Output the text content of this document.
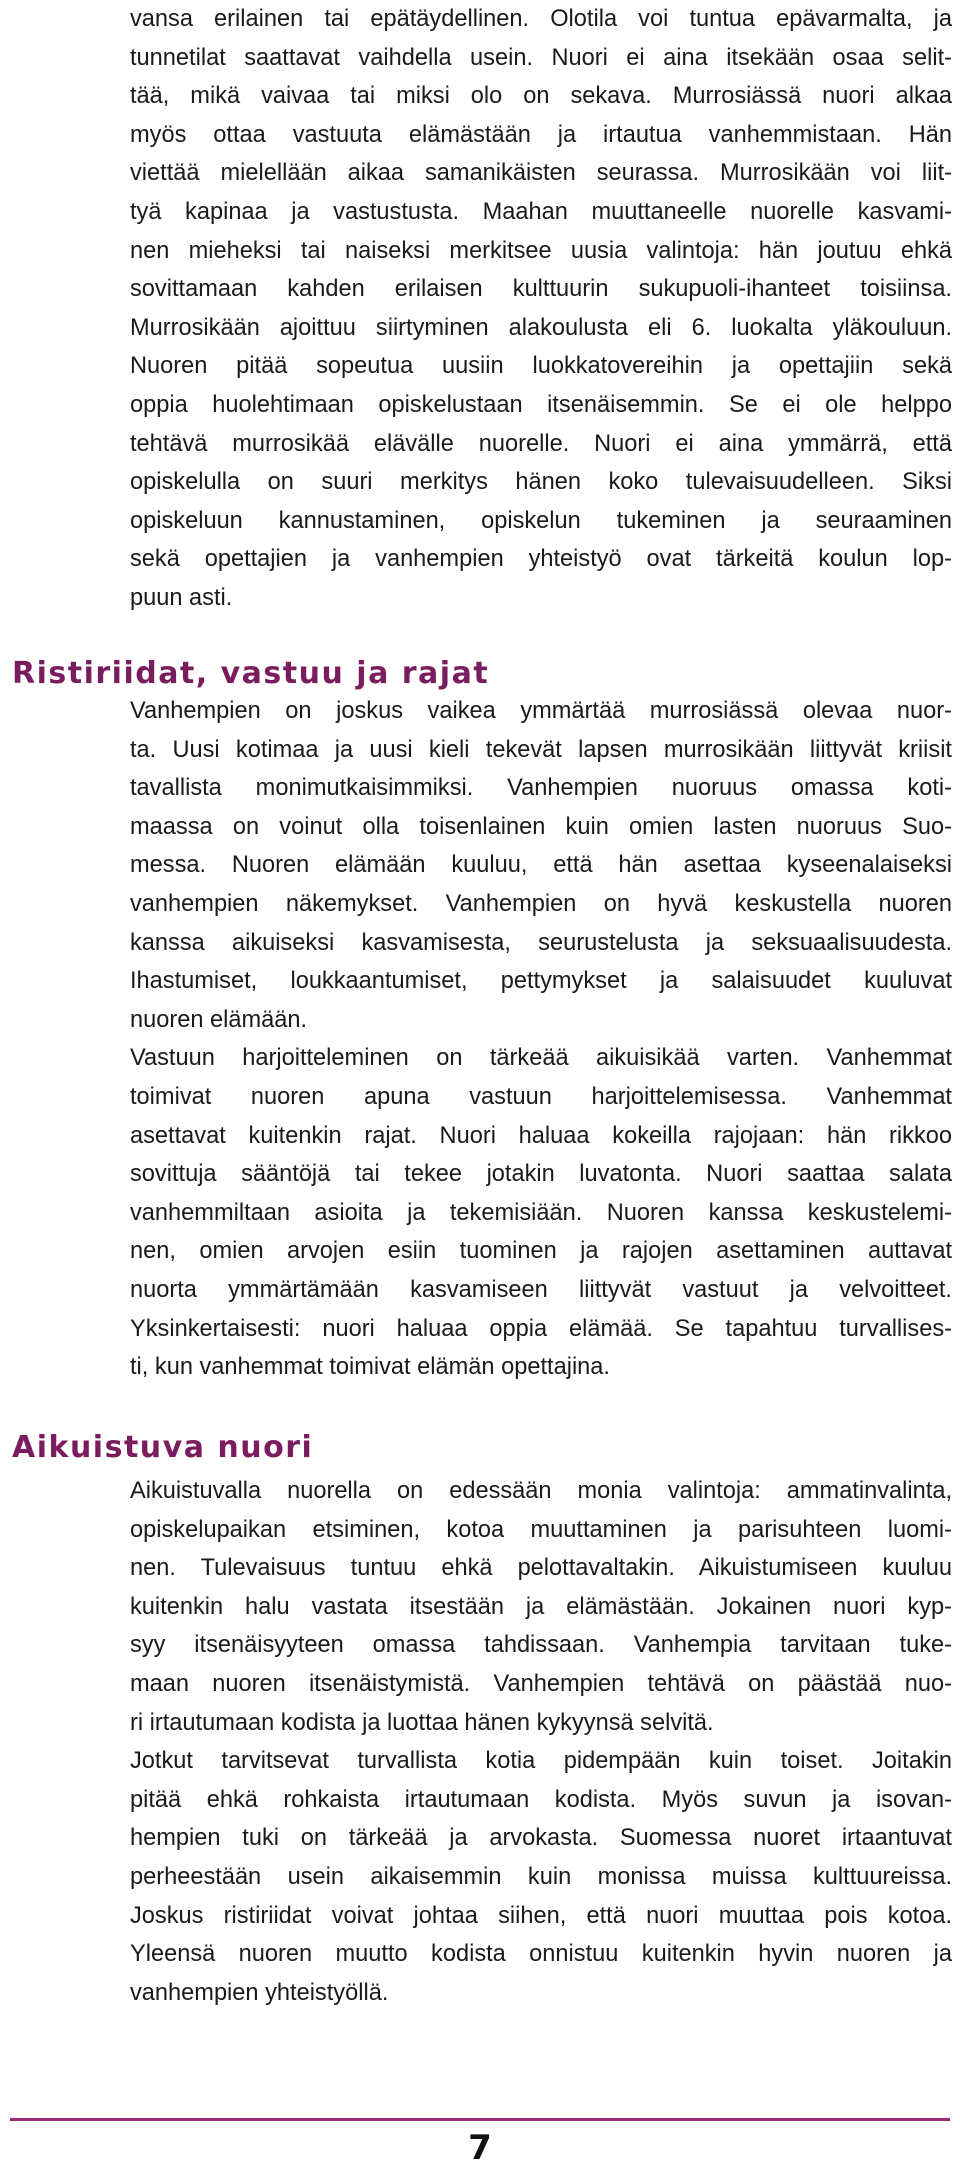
vansa erilainen tai epätäydellinen. Olotila voi tuntua epävarmalta, ja
tunnetilat saattavat vaihdella usein. Nuori ei aina itsekään osaa selit-
tää, mikä vaivaa tai miksi olo on sekava. Murrosiässä nuori alkaa
myös ottaa vastuuta elämästään ja irtautua vanhemmistaan. Hän
viettää mielellään aikaa samanikäisten seurassa. Murrosikään voi liit-
tyä kapinaa ja vastustusta. Maahan muuttaneelle nuorelle kasvami-
nen mieheksi tai naiseksi merkitsee uusia valintoja: hän joutuu ehkä
sovittamaan kahden erilaisen kulttuurin sukupuoli-ihanteet toisiinsa.
Murrosikään ajoittuu siirtyminen alakoulusta eli 6. luokalta yläkouluun.
Nuoren pitää sopeutua uusiin luokkatovereihin ja opettajiin sekä
oppia huolehtimaan opiskelustaan itsenäisemmin. Se ei ole helppo
tehtävä murrosikää elävälle nuorelle. Nuori ei aina ymmärrä, että
opiskelulla on suuri merkitys hänen koko tulevaisuudelleen. Siksi
opiskeluun kannustaminen, opiskelun tukeminen ja seuraaminen
sekä opettajien ja vanhempien yhteistyö ovat tärkeitä koulun lop-
puun asti.
Ristiriidat, vastuu ja rajat
Vanhempien on joskus vaikea ymmärtää murrosiässä olevaa nuor-
ta. Uusi kotimaa ja uusi kieli tekevät lapsen murrosikään liittyvät kriisit
tavallista monimutkaisimmiksi. Vanhempien nuoruus omassa koti-
maassa on voinut olla toisenlainen kuin omien lasten nuoruus Suo-
messa. Nuoren elämään kuuluu, että hän asettaa kyseenalaiseksi
vanhempien näkemykset. Vanhempien on hyvä keskustella nuoren
kanssa aikuiseksi kasvamisesta, seurustelusta ja seksuaalisuudesta.
Ihastumiset, loukkaantumiset, pettymykset ja salaisuudet kuuluvat
nuoren elämään.
Vastuun harjoitteleminen on tärkeää aikuisikää varten. Vanhemmat
toimivat nuoren apuna vastuun harjoittelemisessa. Vanhemmat
asettavat kuitenkin rajat. Nuori haluaa kokeilla rajojaan: hän rikkoo
sovittuja sääntöjä tai tekee jotakin luvatonta. Nuori saattaa salata
vanhemmiltaan asioita ja tekemisiään. Nuoren kanssa keskustelemi-
nen, omien arvojen esiin tuominen ja rajojen asettaminen auttavat
nuorta ymmärtämään kasvamiseen liittyvät vastuut ja velvoitteet.
Yksinkertaisesti: nuori haluaa oppia elämää. Se tapahtuu turvallises-
ti, kun vanhemmat toimivat elämän opettajina.
Aikuistuva nuori
Aikuistuvalla nuorella on edessään monia valintoja: ammatinvalinta,
opiskelupaikan etsiminen, kotoa muuttaminen ja parisuhteen luomi-
nen. Tulevaisuus tuntuu ehkä pelottavaltakin. Aikuistumiseen kuuluu
kuitenkin halu vastata itsestään ja elämästään. Jokainen nuori kyp-
syy itsenäisyyteen omassa tahdissaan. Vanhempia tarvitaan tuke-
maan nuoren itsenäistymistä. Vanhempien tehtävä on päästää nuo-
ri irtautumaan kodista ja luottaa hänen kykyynsä selvitä.
Jotkut tarvitsevat turvallista kotia pidempään kuin toiset. Joitakin
pitää ehkä rohkaista irtautumaan kodista. Myös suvun ja isovan-
hempien tuki on tärkeää ja arvokasta. Suomessa nuoret irtaantuvat
perheestään usein aikaisemmin kuin monissa muissa kulttuureissa.
Joskus ristiriidat voivat johtaa siihen, että nuori muuttaa pois kotoa.
Yleensä nuoren muutto kodista onnistuu kuitenkin hyvin nuoren ja
vanhempien yhteistyöllä.
7
